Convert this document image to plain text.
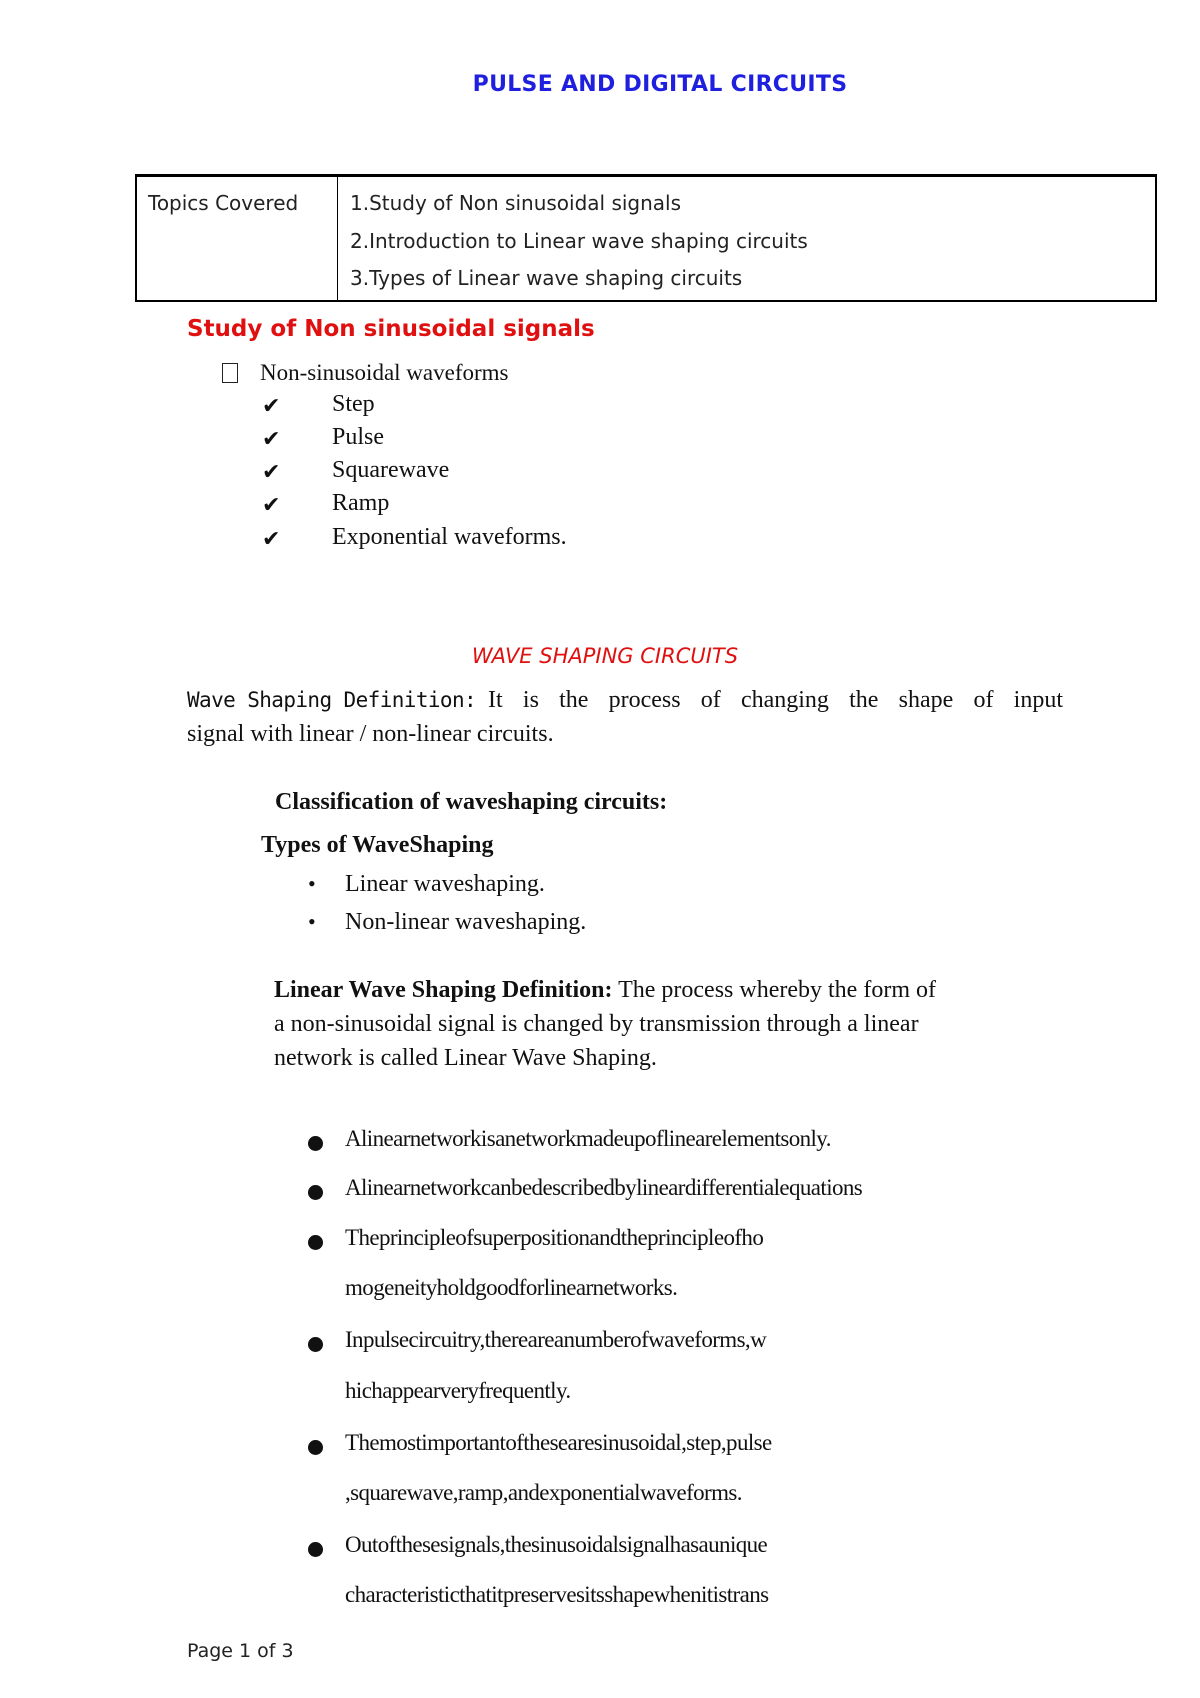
PULSE AND DIGITAL CIRCUITS
Topics Covered	1.Study of Non sinusoidal signals
2.Introduction to Linear wave shaping circuits
3.Types of Linear wave shaping circuits
Study of Non sinusoidal signals
Non-sinusoidal waveforms
✔ Step
✔ Pulse
✔ Squarewave
✔ Ramp
✔ Exponential waveforms.
WAVE SHAPING CIRCUITS
Wave Shaping Definition: It is the process of changing the shape of input
signal with linear / non-linear circuits.
Classification of waveshaping circuits:
Types of WaveShaping
• Linear waveshaping.
• Non-linear waveshaping.
Linear Wave Shaping Definition: The process whereby the form of
a non-sinusoidal signal is changed by transmission through a linear
network is called Linear Wave Shaping.
Alinearnetworkisanetworkmadeupoflinearelementsonly.
Alinearnetworkcanbedescribedbylineardifferentialequations
Theprincipleofsuperpositionandtheprincipleofho
mogeneityholdgoodforlinearnetworks.
Inpulsecircuitry,thereareanumberofwaveforms,w
hichappearveryfrequently.
Themostimportantofthesearesinusoidal,step,pulse
,squarewave,ramp,andexponentialwaveforms.
Outofthesesignals,thesinusoidalsignalhasaunique
characteristicthatitpreservesitsshapewhenitistrans
Page 1 of 3
